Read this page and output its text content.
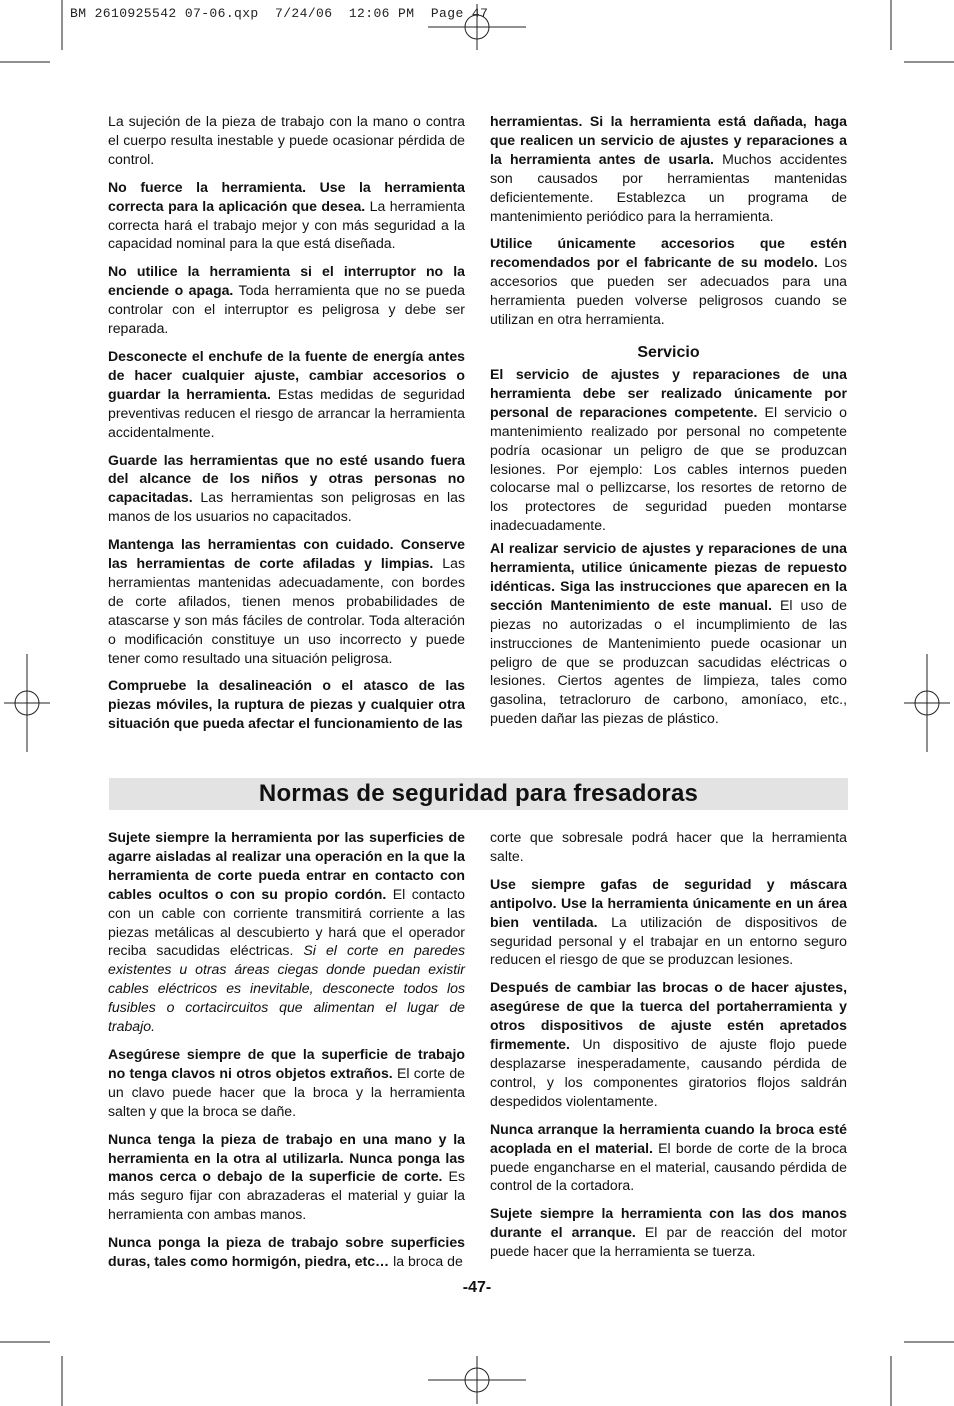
BM 2610925542 07-06.qxp  7/24/06  12:06 PM  Page 47

La sujeción de la pieza de trabajo con la mano o contra el cuerpo resulta inestable y puede ocasionar pérdida de control.

No fuerce la herramienta. Use la herramienta correcta para la aplicación que desea. La herramienta correcta hará el trabajo mejor y con más seguridad a la capacidad nominal para la que está diseñada.

No utilice la herramienta si el interruptor no la enciende o apaga. Toda herramienta que no se pueda controlar con el interruptor es peligrosa y debe ser reparada.

Desconecte el enchufe de la fuente de energía antes de hacer cualquier ajuste, cambiar accesorios o guardar la herramienta. Estas medidas de seguridad preventivas reducen el riesgo de arrancar la herramienta accidentalmente.

Guarde las herramientas que no esté usando fuera del alcance de los niños y otras personas no capacitadas. Las herramientas son peligrosas en las manos de los usuarios no capacitados.

Mantenga las herramientas con cuidado. Conserve las herramientas de corte afiladas y limpias. Las herramientas mantenidas adecuadamente, con bordes de corte afilados, tienen menos probabilidades de atascarse y son más fáciles de controlar. Toda alteración o modificación constituye un uso incorrecto y puede tener como resultado una situación peligrosa.

Compruebe la desalineación o el atasco de las piezas móviles, la ruptura de piezas y cualquier otra situación que pueda afectar el funcionamiento de las

herramientas. Si la herramienta está dañada, haga que realicen un servicio de ajustes y reparaciones a la herramienta antes de usarla. Muchos accidentes son causados por herramientas mantenidas deficientemente. Establezca un programa de mantenimiento periódico para la herramienta.

Utilice únicamente accesorios que estén recomendados por el fabricante de su modelo. Los accesorios que pueden ser adecuados para una herramienta pueden volverse peligrosos cuando se utilizan en otra herramienta.

Servicio

El servicio de ajustes y reparaciones de una herramienta debe ser realizado únicamente por personal de reparaciones competente. El servicio o mantenimiento realizado por personal no competente podría ocasionar un peligro de que se produzcan lesiones. Por ejemplo: Los cables internos pueden colocarse mal o pellizcarse, los resortes de retorno de los protectores de seguridad pueden montarse inadecuadamente.

Al realizar servicio de ajustes y reparaciones de una herramienta, utilice únicamente piezas de repuesto idénticas. Siga las instrucciones que aparecen en la sección Mantenimiento de este manual. El uso de piezas no autorizadas o el incumplimiento de las instrucciones de Mantenimiento puede ocasionar un peligro de que se produzcan sacudidas eléctricas o lesiones. Ciertos agentes de limpieza, tales como gasolina, tetracloruro de carbono, amoníaco, etc., pueden dañar las piezas de plástico.

Normas de seguridad para fresadoras

Sujete siempre la herramienta por las superficies de agarre aisladas al realizar una operación en la que la herramienta de corte pueda entrar en contacto con cables ocultos o con su propio cordón. El contacto con un cable con corriente transmitirá corriente a las piezas metálicas al descubierto y hará que el operador reciba sacudidas eléctricas. Si el corte en paredes existentes u otras áreas ciegas donde puedan existir cables eléctricos es inevitable, desconecte todos los fusibles o cortacircuitos que alimentan el lugar de trabajo.

Asegúrese siempre de que la superficie de trabajo no tenga clavos ni otros objetos extraños. El corte de un clavo puede hacer que la broca y la herramienta salten y que la broca se dañe.

Nunca tenga la pieza de trabajo en una mano y la herramienta en la otra al utilizarla. Nunca ponga las manos cerca o debajo de la superficie de corte. Es más seguro fijar con abrazaderas el material y guiar la herramienta con ambas manos.

Nunca ponga la pieza de trabajo sobre superficies duras, tales como hormigón, piedra, etc… la broca de

corte que sobresale podrá hacer que la herramienta salte.

Use siempre gafas de seguridad y máscara antipolvo. Use la herramienta únicamente en un área bien ventilada. La utilización de dispositivos de seguridad personal y el trabajar en un entorno seguro reducen el riesgo de que se produzcan lesiones.

Después de cambiar las brocas o de hacer ajustes, asegúrese de que la tuerca del portaherramienta y otros dispositivos de ajuste estén apretados firmemente. Un dispositivo de ajuste flojo puede desplazarse inesperadamente, causando pérdida de control, y los componentes giratorios flojos saldrán despedidos violentamente.

Nunca arranque la herramienta cuando la broca esté acoplada en el material. El borde de corte de la broca puede engancharse en el material, causando pérdida de control de la cortadora.

Sujete siempre la herramienta con las dos manos durante el arranque. El par de reacción del motor puede hacer que la herramienta se tuerza.

-47-
